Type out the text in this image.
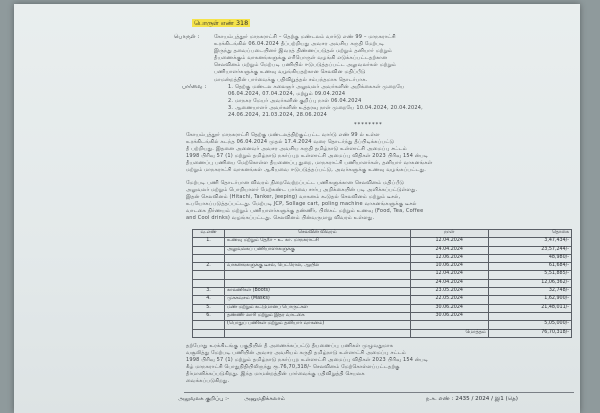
பொருள் எண் 318
பொருள் :	கோயம்புத்தூர் மாநகராட்சி – தெற்கு மண்டலம் வார்டு எண் 99 – மாநகராட்சி
உரக்கிடங்கில் 06.04.2024 தீப்பற்றியது அவசர அவசிய கருதி மேற்படி
இருந்து தவைப்படையினர் இவரத் திண்ணப்படுதல் மற்றும் தனியார் மற்றும்
தீயணைக்கும் வாகனங்களுக்கு எரிபொருள் வழங்கி எடுக்கப்பட்டதற்கான
செலவினம் மற்றும் மேற்படி பணியில் ஈடுபடுத்தப்பட்ட அலுவலர்கள் மற்றும்
பணியாளர்களுக்கு உணவு வழங்கியதற்கான செலவின மதிப்பீடு
மாமன்றத்தின் பார்வைக்கு பதிவிறுத்தல் சம்பந்தமாக தொடர்பாக.
பார்வை :	1. தெற்கு மண்டல கலைஞர் அலுவலர் அவர்களின் அறிக்கைகள் முறையே
06.04.2024, 07.04.2024, மற்றும் 09.04.2024
2. மாநகர மேயர் அவர்களின் குறிப்பு நாள் 06.04.2024
3. ஆணையாளர் அவர்களின் உத்தரவு நாள் முறையே 10.04.2024, 20.04.2024,
24.06.2024, 21.03.2024, 28.06.2024
********
கோயம்புத்தூர் மாநகராட்சி தெற்கு மண்டலத்திற்குட்பட்ட வார்டு எண் 99 ல் உள்ள
உரக்கிடங்கில் கடந்த 06.04.2024 முதல் 17.4.2024 வரை தொடர்ந்து தீப்பிடிக்கப்பட்டு
தீ பற்றியது. இதனை அனைவர் அவசர அவசிய கருதி தமிழ்நாடு உள்ளாட்சி அமைப்பு சட்டம்
1998 பிரிவு 57 (1) மற்றும் தமிழ்நாடு நகர்ப்புற உள்ளாட்சி அமைப்பு விதிகள் 2023 பிரிவு 154 ன்படி
தீயணைப்பு பணியை மேற்கொள்ள தீயணைப்பு துறை, மாநகராட்சி பணியாளர்கள், தனியார் வாகனங்கள்
மற்றும் மாநகராட்சி வாகனங்கள் ஆகியவை ஈடுபடுத்தப்பட்டு, அவர்களுக்கு உணவு வழங்கப்பட்டது.
மேற்படி பணி தொடர்பான விவரம் நிறைவேற்றப்பட்ட பணிகளுக்கான செலவினம் மதிப்பீடு
அலுவலர் மற்றும் பொறியாளர் மேற்கண்ட பார்வை சார்பு அறிக்கையின் படி அளிக்கப்பட்டுள்ளது.
இதன் செலவினம் (Hitachi, Tanker, Jeeping) வாகனம் கூடுதல் செலவினம் மற்றும் டீசல்,
உபயோகப்படுத்தப்பட்டது. மேற்படி JCP, Sollage cart, poling machine வாகனங்களுக்கு டீசல்
வாடகை நிர்ணயம் மற்றும் பணியாளர்களுக்கு தண்ணீர், பிஸ்கட் மற்றும் உணவு (Food, Tea, Coffee
and Cool drinks) வழங்கப்பட்டது. செலவினம் பின்வருமாறு விவரம் உள்ளது.
வ.எண்	செலவின் விவரம்	நாள்	தொகை
1.	உணவு மற்றும் தேநீர் – உ. கா. மாநகராட்சி	12.04.2024	3,47,434/-
	அலுவலகப் பணியாளர்களுக்கு	24.04.2024	23,57,244/-
		12.06.2024	48,980/-
2.	வாகனங்களுக்கு டீசல், பெட்ரோல், ஆயில்	10.06.2024	61,684/-
		12.04.2024	5,51,885/-
		24.04.2024	12,06,362/-
3.	காலணிகள் (Boots)	23.05.2024	32,748/-
4.	முககவசம் (Masks)	22.05.2024	1,62,900/-
5.	மண் மற்றும் கட்டுமானப் பொருட்கள்	30.06.2024	21,48,011/-
6.	தண்ணீர் லாரி மற்றும் இதர வாடகை	30.06.2024	
	(பொதுப் பணிகள் மற்றும் தனியார் வாகனம்)		5,05,000/-
		மொத்தம்	76,70,318/-
தற்போது உரக்கிடங்கு பகுதியில் தீ அணைக்கப்பட்டு தீயணைப்பு பணிகள் முழுவதுமாக
வசூலித்து மேற்படி பணியின் அவசர அவசியம் கருதி தமிழ்நாடு உள்ளாட்சி அமைப்பு சட்டம்
1998 பிரிவு 57 (1) மற்றும் தமிழ்நாடு நகர்ப்புற உள்ளாட்சி அமைப்பு விதிகள் 2023 பிரிவு 154 ன்படி
கீழ் மாநகராட்சி பொதுநிதியிலிருந்து ரூ.76,70,318/- செலவினம் மேற்கொள்ளப்பட்டதற்கு
தீர்மானிக்கப்படுகிறது. இந்த மாமன்றத்தின் பார்வைக்கு பதிவிறுத்தி செயலக
வைக்கப்படுகிறது.
அலுவலக குறிப்பு :-	அனுமதிக்கலாம்	ந.க. எண் : 2435 / 2024 / இ1 (தெ)
